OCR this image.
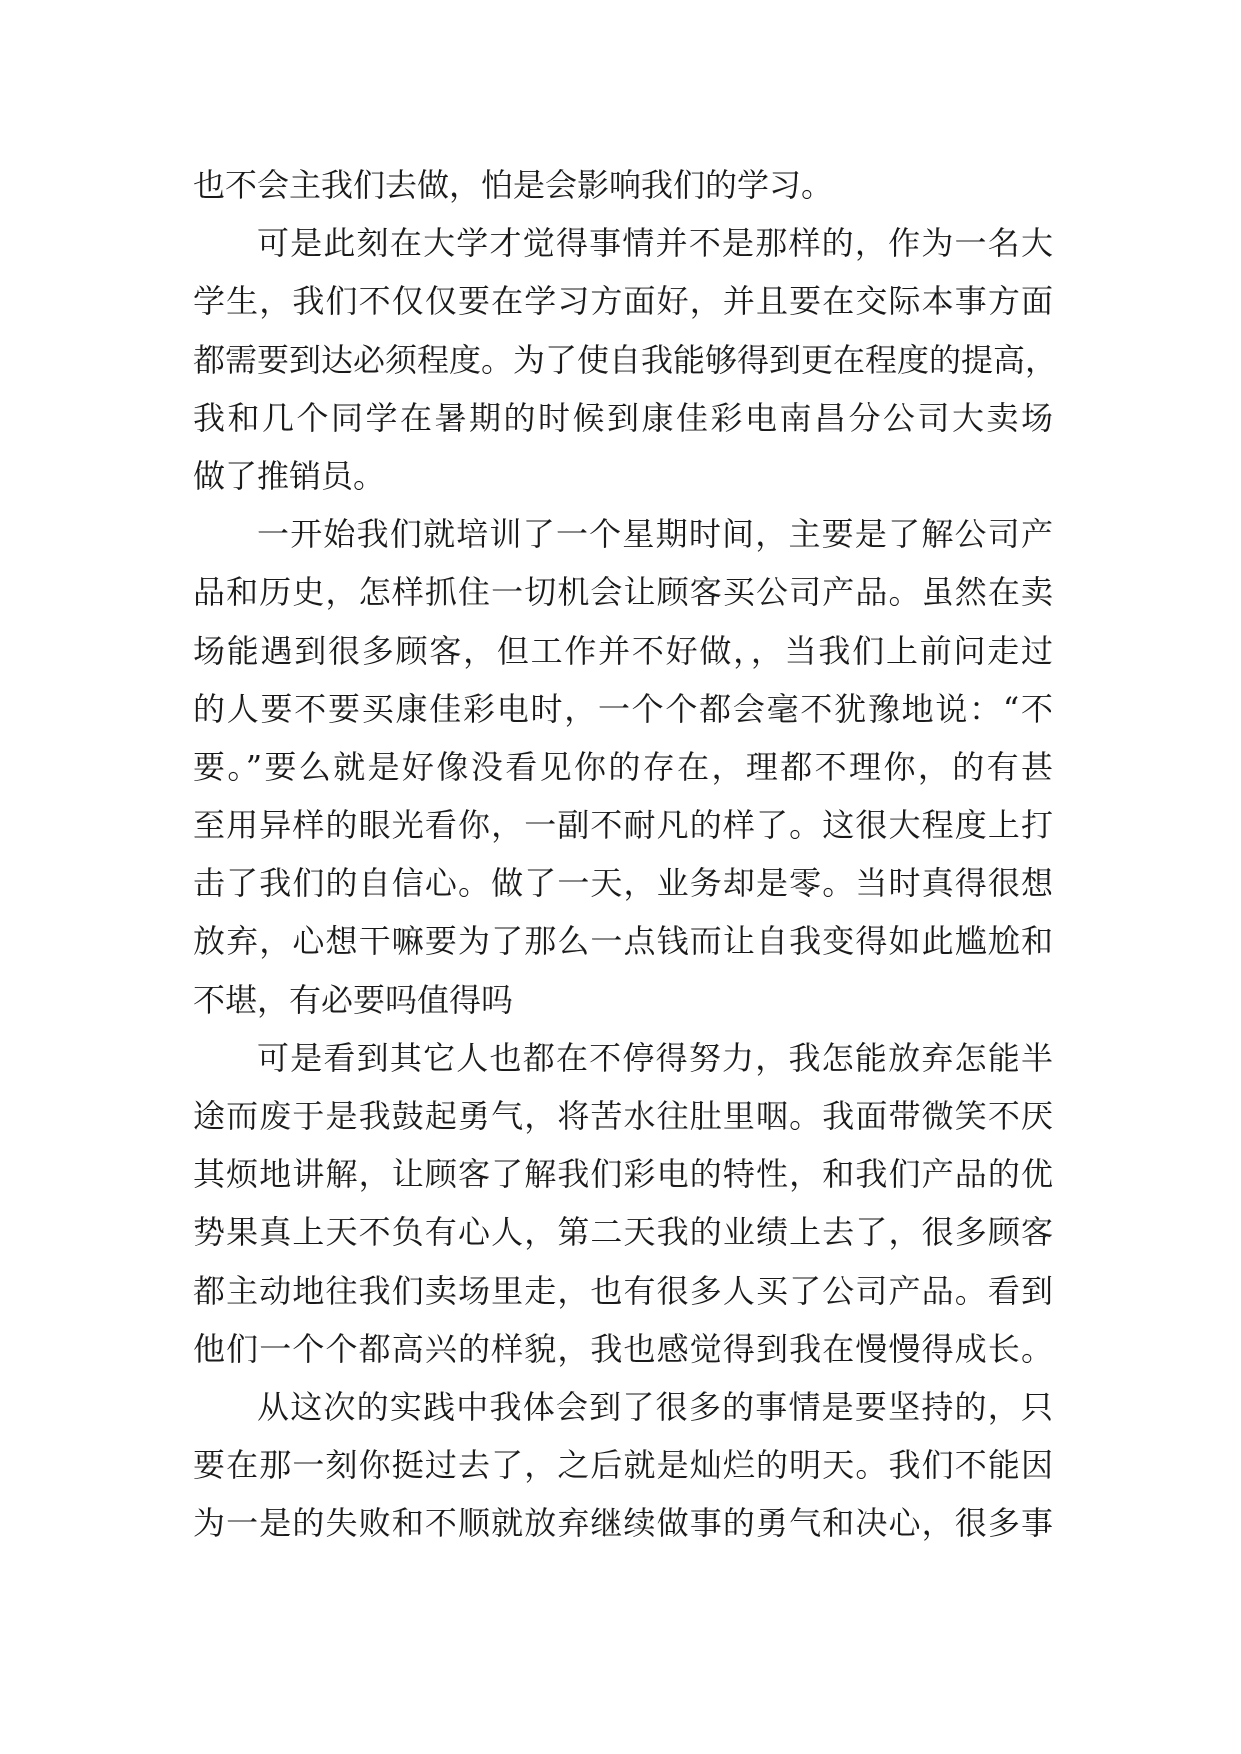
也不会主我们去做，怕是会影响我们的学习。
可是此刻在大学才觉得事情并不是那样的，作为一名大
学生，我们不仅仅要在学习方面好，并且要在交际本事方面
都需要到达必须程度。为了使自我能够得到更在程度的提高，
我和几个同学在暑期的时候到康佳彩电南昌分公司大卖场
做了推销员。
一开始我们就培训了一个星期时间，主要是了解公司产
品和历史，怎样抓住一切机会让顾客买公司产品。虽然在卖
场能遇到很多顾客，但工作并不好做，，当我们上前问走过
的人要不要买康佳彩电时，一个个都会毫不犹豫地说：“不
要。”要么就是好像没看见你的存在，理都不理你，的有甚
至用异样的眼光看你，一副不耐凡的样了。这很大程度上打
击了我们的自信心。做了一天，业务却是零。当时真得很想
放弃，心想干嘛要为了那么一点钱而让自我变得如此尴尬和
不堪，有必要吗值得吗
可是看到其它人也都在不停得努力，我怎能放弃怎能半
途而废于是我鼓起勇气，将苦水往肚里咽。我面带微笑不厌
其烦地讲解，让顾客了解我们彩电的特性，和我们产品的优
势果真上天不负有心人，第二天我的业绩上去了，很多顾客
都主动地往我们卖场里走，也有很多人买了公司产品。看到
他们一个个都高兴的样貌，我也感觉得到我在慢慢得成长。
从这次的实践中我体会到了很多的事情是要坚持的，只
要在那一刻你挺过去了，之后就是灿烂的明天。我们不能因
为一是的失败和不顺就放弃继续做事的勇气和决心，很多事
